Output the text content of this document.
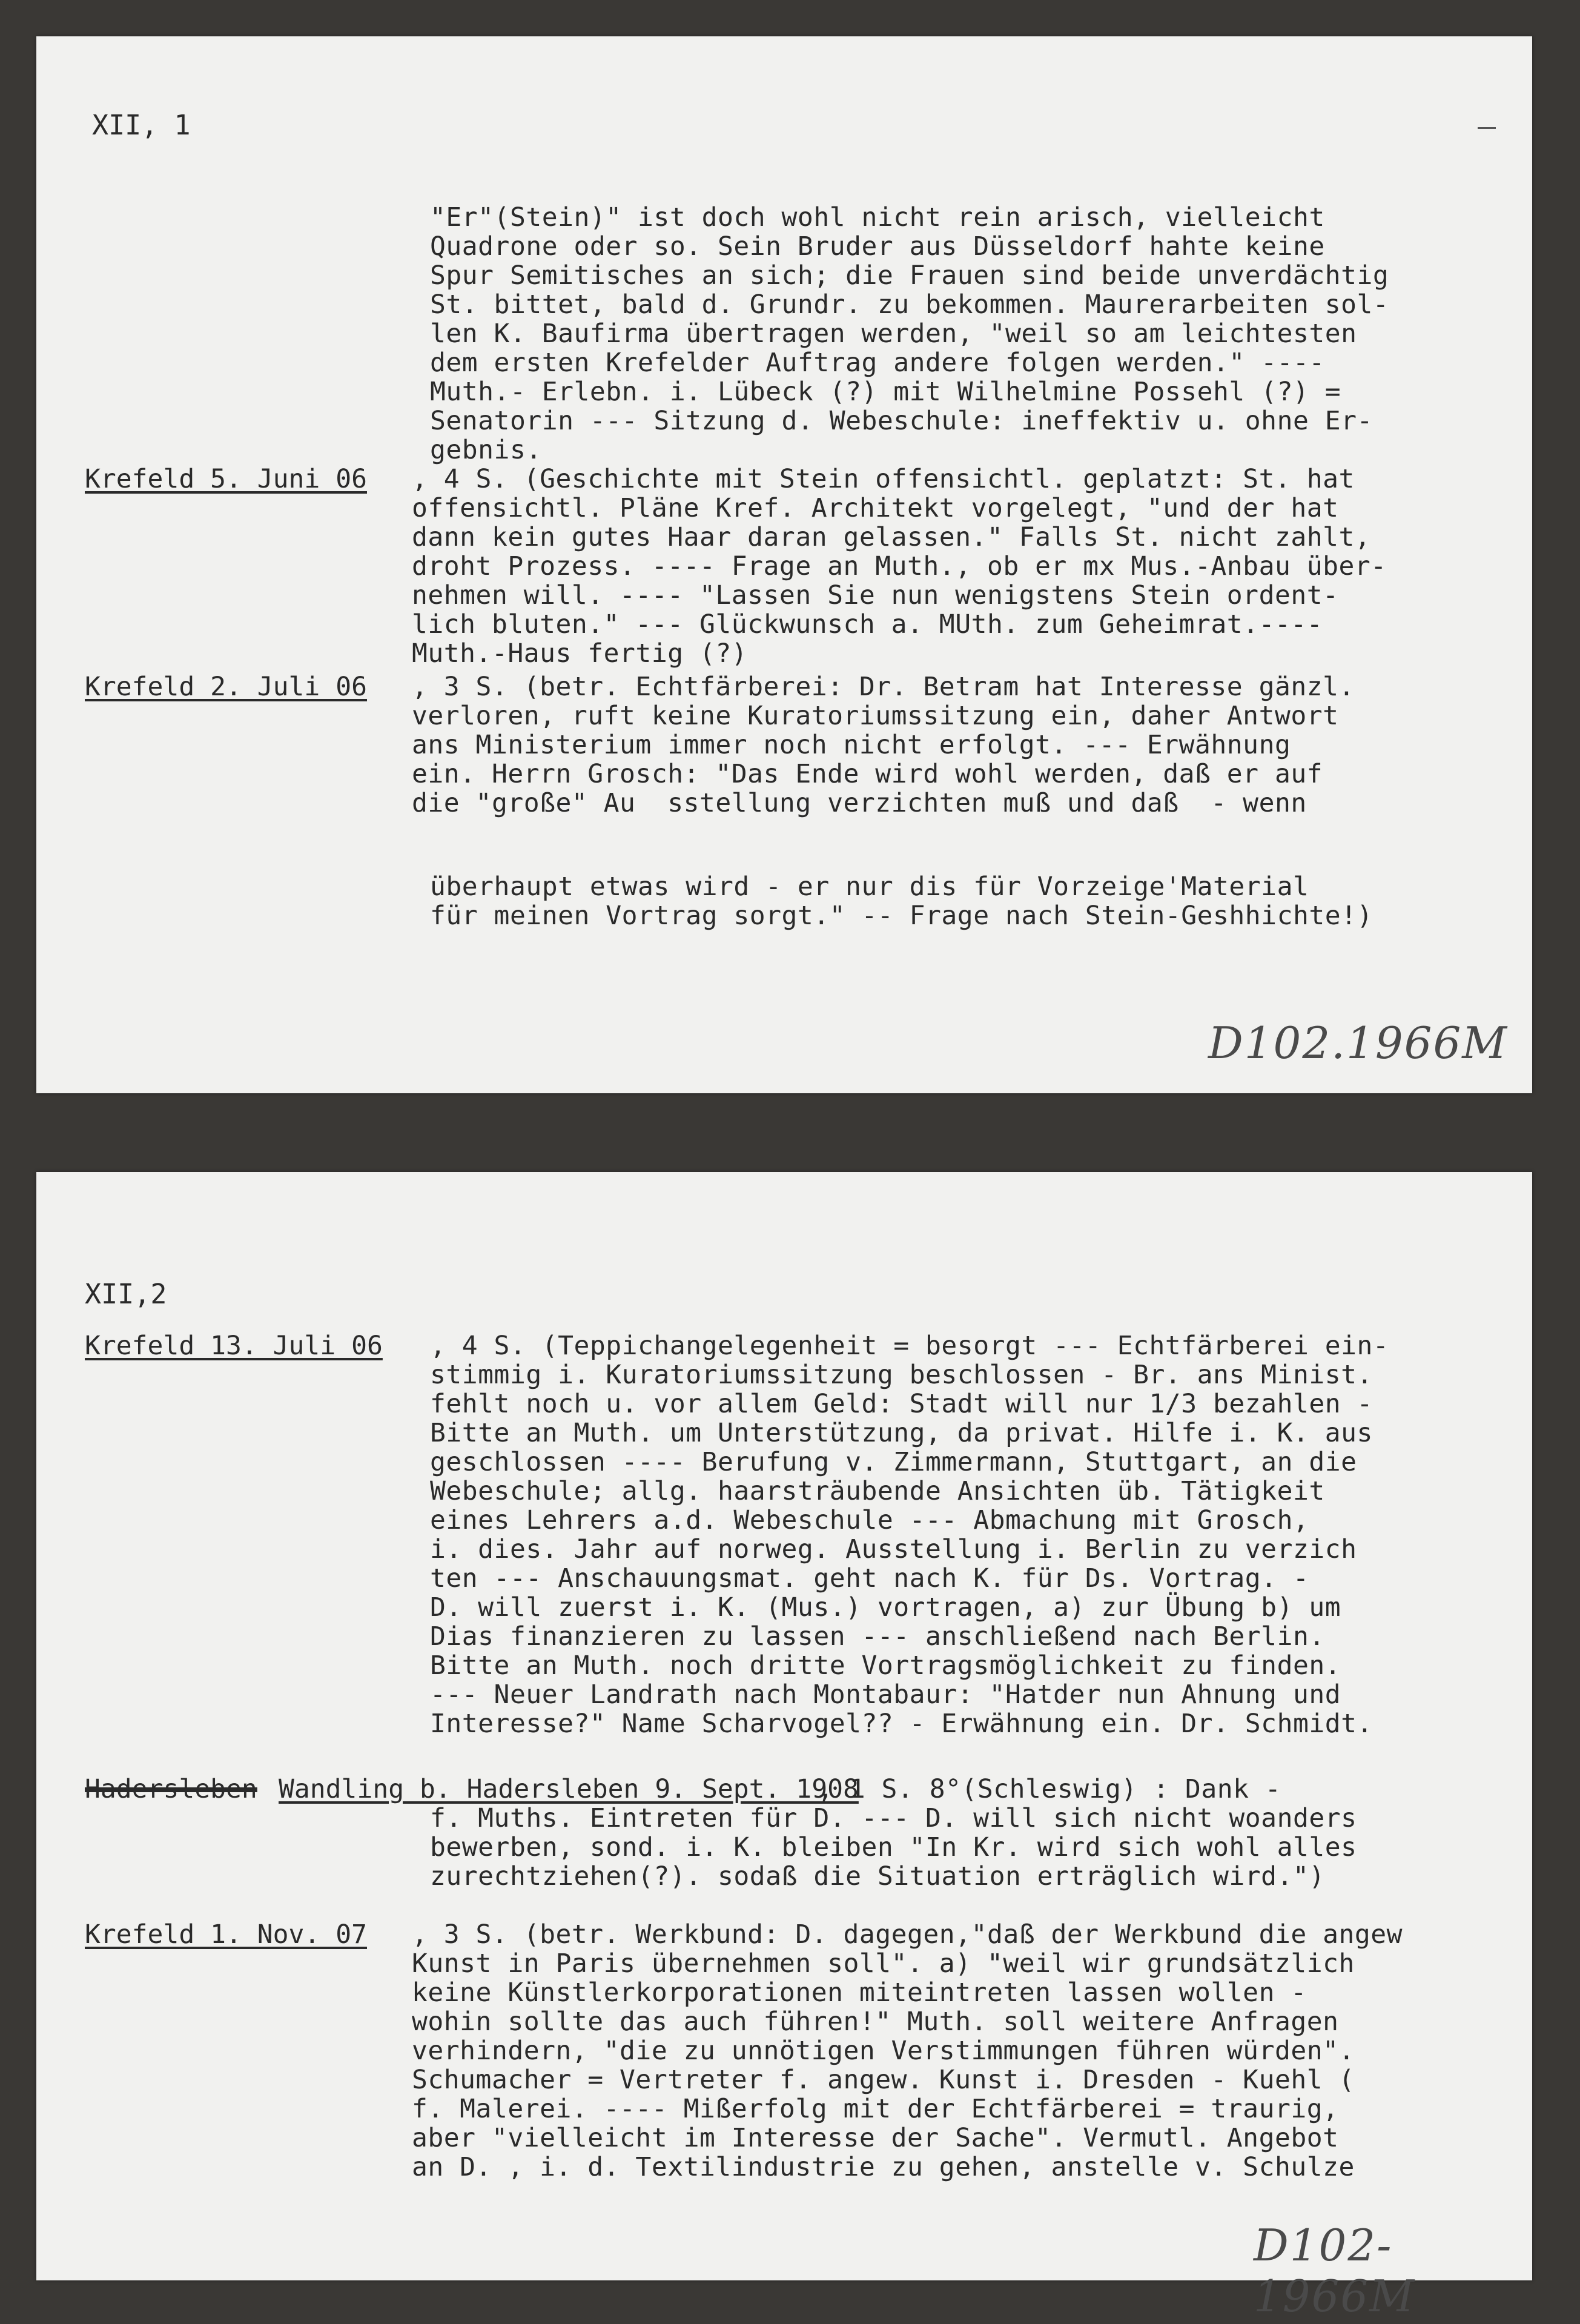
XII, 1
"Er"(Stein)" ist doch wohl nicht rein arisch, vielleicht
Quadrone oder so. Sein Bruder aus Düsseldorf hahte keine
Spur Semitisches an sich; die Frauen sind beide unverdächtig
St. bittet, bald d. Grundr. zu bekommen. Maurerarbeiten sol-
len K. Baufirma übertragen werden, "weil so am leichtesten
dem ersten Krefelder Auftrag andere folgen werden." ----
Muth.- Erlebn. i. Lübeck (?) mit Wilhelmine Possehl (?) =
Senatorin --- Sitzung d. Webeschule: ineffektiv u. ohne Er-
gebnis.
Krefeld 5. Juni 06 , 4 S. (Geschichte mit Stein offensichtl. geplatzt: St. hat
offensichtl. Pläne Kref. Architekt vorgelegt, "und der hat
dann kein gutes Haar daran gelassen." Falls St. nicht zahlt,
droht Prozess. ---- Frage an Muth., ob er mx Mus.-Anbau über-
nehmen will. ---- "Lassen Sie nun wenigstens Stein ordent-
lich bluten." --- Glückwunsch a. MUth. zum Geheimrat.----
Muth.-Haus fertig (?)
Krefeld 2. Juli 06 , 3 S. (betr. Echtfärberei: Dr. Betram hat Interesse gänzl.
verloren, ruft keine Kuratoriumssitzung ein, daher Antwort
ans Ministerium immer noch nicht erfolgt. --- Erwähnung
ein. Herrn Grosch: "Das Ende wird wohl werden, daß er auf
die "große" Au  sstellung verzichten muß und daß  - wenn
überhaupt etwas wird - er nur dis für Vorzeige'Material
für meinen Vortrag sorgt." -- Frage nach Stein-Geshhichte!)
D102.1966M
XII,2
Krefeld 13. Juli 06 , 4 S. (Teppichangelegenheit = besorgt --- Echtfärberei ein-
stimmig i. Kuratoriumssitzung beschlossen - Br. ans Minist.
fehlt noch u. vor allem Geld: Stadt will nur 1/3 bezahlen -
Bitte an Muth. um Unterstützung, da privat. Hilfe i. K. aus
geschlossen ---- Berufung v. Zimmermann, Stuttgart, an die
Webeschule; allg. haarsträubende Ansichten üb. Tätigkeit
eines Lehrers a.d. Webeschule --- Abmachung mit Grosch,
i. dies. Jahr auf norweg. Ausstellung i. Berlin zu verzich
ten --- Anschauungsmat. geht nach K. für Ds. Vortrag. -
D. will zuerst i. K. (Mus.) vortragen, a) zur Übung b) um
Dias finanzieren zu lassen --- anschließend nach Berlin.
Bitte an Muth. noch dritte Vortragsmöglichkeit zu finden.
--- Neuer Landrath nach Montabaur: "Hatder nun Ahnung und
Interesse?" Name Scharvogel?? - Erwähnung ein. Dr. Schmidt.
Hadersleben Wandling b. Hadersleben 9. Sept. 1908
, 1 S. 8°(Schleswig) : Dank -
f. Muths. Eintreten für D. --- D. will sich nicht woanders
bewerben, sond. i. K. bleiben "In Kr. wird sich wohl alles
zurechtziehen(?). sodaß die Situation erträglich wird.")
Krefeld 1. Nov. 07 , 3 S. (betr. Werkbund: D. dagegen,"daß der Werkbund die angew
Kunst in Paris übernehmen soll". a) "weil wir grundsätzlich
keine Künstlerkorporationen miteintreten lassen wollen -
wohin sollte das auch führen!" Muth. soll weitere Anfragen
verhindern, "die zu unnötigen Verstimmungen führen würden".
Schumacher = Vertreter f. angew. Kunst i. Dresden - Kuehl (
f. Malerei. ---- Mißerfolg mit der Echtfärberei = traurig,
aber "vielleicht im Interesse der Sache". Vermutl. Angebot
an D. , i. d. Textilindustrie zu gehen, anstelle v. Schulze
D102-1966M
